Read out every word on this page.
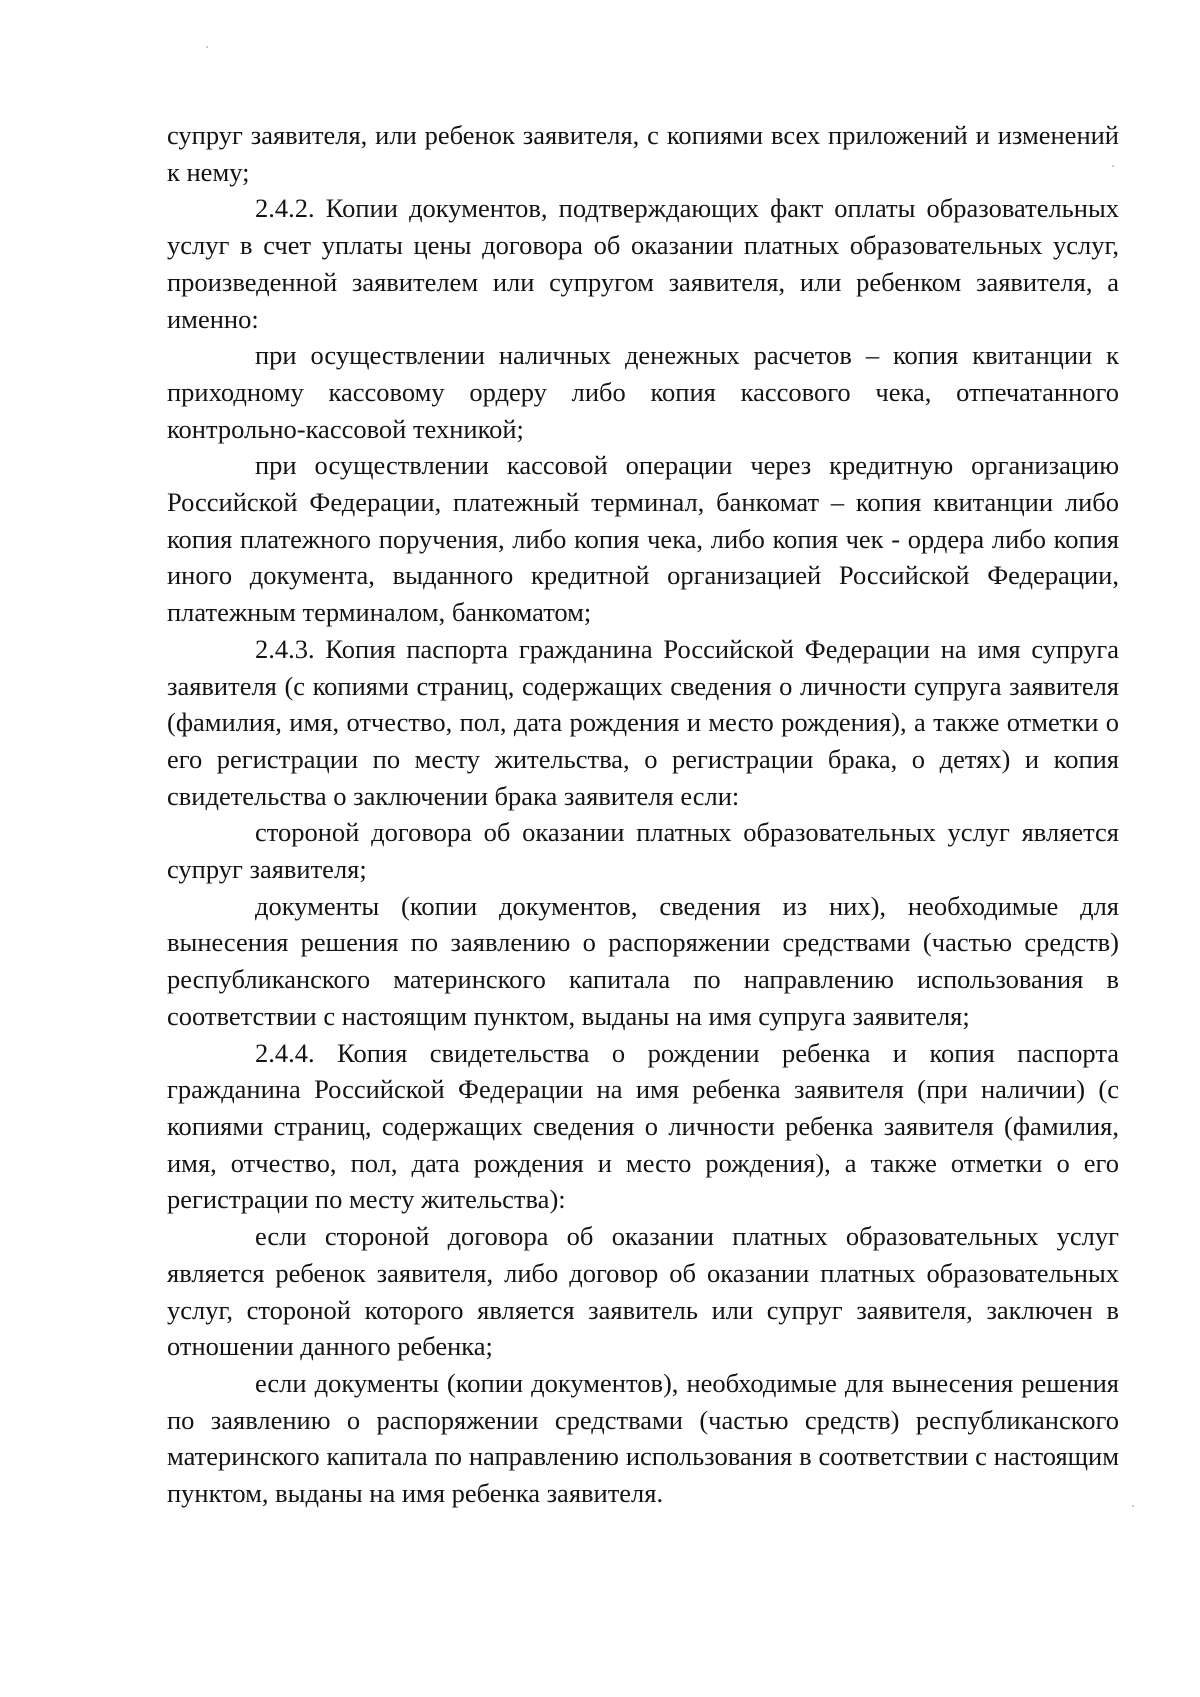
супруг заявителя, или ребенок заявителя, с копиями всех приложений и изменений к нему;

2.4.2. Копии документов, подтверждающих факт оплаты образовательных услуг в счет уплаты цены договора об оказании платных образовательных услуг, произведенной заявителем или супругом заявителя, или ребенком заявителя, а именно:

при осуществлении наличных денежных расчетов – копия квитанции к приходному кассовому ордеру либо копия кассового чека, отпечатанного контрольно-кассовой техникой;

при осуществлении кассовой операции через кредитную организацию Российской Федерации, платежный терминал, банкомат – копия квитанции либо копия платежного поручения, либо копия чека, либо копия чек - ордера либо копия иного документа, выданного кредитной организацией Российской Федерации, платежным терминалом, банкоматом;

2.4.3. Копия паспорта гражданина Российской Федерации на имя супруга заявителя (с копиями страниц, содержащих сведения о личности супруга заявителя (фамилия, имя, отчество, пол, дата рождения и место рождения), а также отметки о его регистрации по месту жительства, о регистрации брака, о детях) и копия свидетельства о заключении брака заявителя если:

стороной договора об оказании платных образовательных услуг является супруг заявителя;

документы (копии документов, сведения из них), необходимые для вынесения решения по заявлению о распоряжении средствами (частью средств) республиканского материнского капитала по направлению использования в соответствии с настоящим пунктом, выданы на имя супруга заявителя;

2.4.4. Копия свидетельства о рождении ребенка и копия паспорта гражданина Российской Федерации на имя ребенка заявителя (при наличии) (с копиями страниц, содержащих сведения о личности ребенка заявителя (фамилия, имя, отчество, пол, дата рождения и место рождения), а также отметки о его регистрации по месту жительства):

если стороной договора об оказании платных образовательных услуг является ребенок заявителя, либо договор об оказании платных образовательных услуг, стороной которого является заявитель или супруг заявителя, заключен в отношении данного ребенка;

если документы (копии документов), необходимые для вынесения решения по заявлению о распоряжении средствами (частью средств) республиканского материнского капитала по направлению использования в соответствии с настоящим пунктом, выданы на имя ребенка заявителя.
